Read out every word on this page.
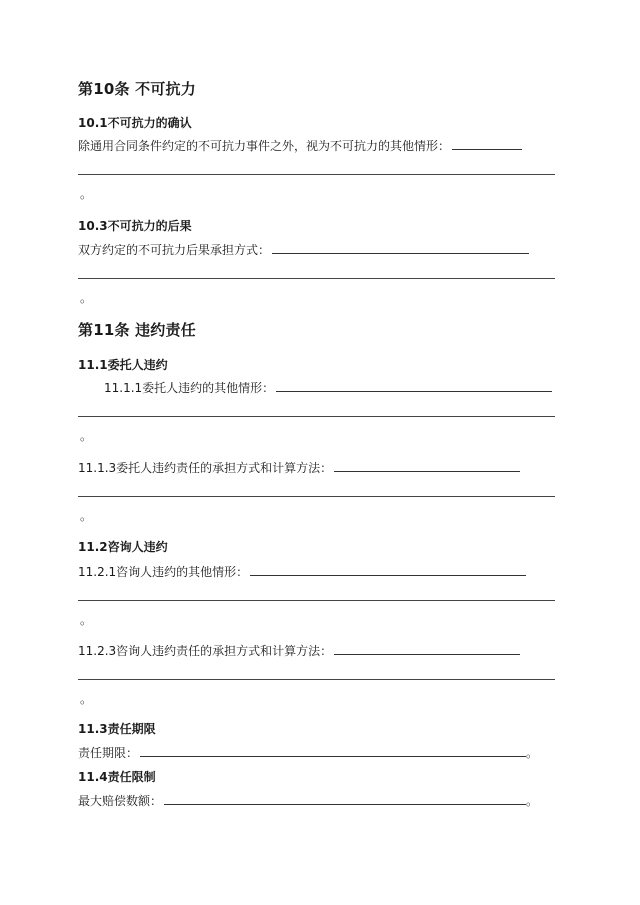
第10条 不可抗力
10.1不可抗力的确认
除通用合同条件约定的不可抗力事件之外，视为不可抗力的其他情形：
。
10.3不可抗力的后果
双方约定的不可抗力后果承担方式：
。
第11条 违约责任
11.1委托人违约
11.1.1委托人违约的其他情形：
。
11.1.3委托人违约责任的承担方式和计算方法：
。
11.2咨询人违约
11.2.1咨询人违约的其他情形：
。
11.2.3咨询人违约责任的承担方式和计算方法：
。
11.3责任期限
责任期限：	。
11.4责任限制
最大赔偿数额：	。
